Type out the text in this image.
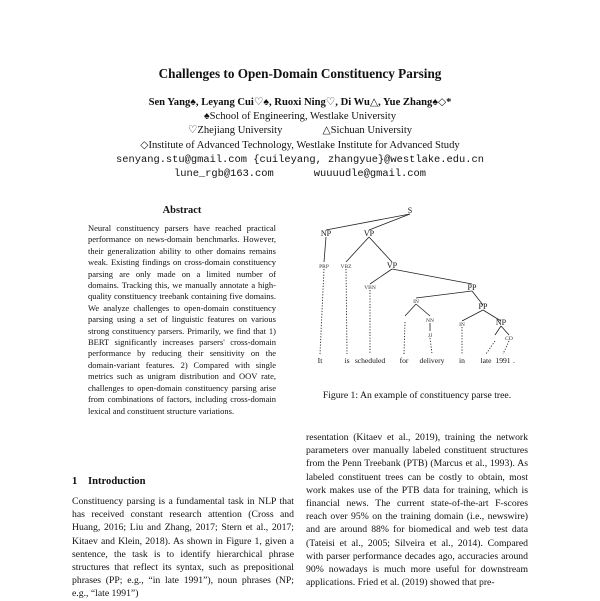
Challenges to Open-Domain Constituency Parsing
Sen Yang♠, Leyang Cui♡♠, Ruoxi Ning♡, Di Wu△, Yue Zhang♠◇*
♠School of Engineering, Westlake University
♡Zhejiang University	△Sichuan University
◇Institute of Advanced Technology, Westlake Institute for Advanced Study
senyang.stu@gmail.com {cuileyang, zhangyue}@westlake.edu.cn
lune_rgb@163.com	wuuuudle@gmail.com
Abstract

Neural constituency parsers have reached practical performance on news-domain benchmarks. However, their generalization ability to other domains remains weak. Existing findings on cross-domain constituency parsing are only made on a limited number of domains. Tracking this, we manually annotate a high-quality constituency treebank containing five domains. We analyze challenges to open-domain constituency parsing using a set of linguistic features on various strong constituency parsers. Primarily, we find that 1) BERT significantly increases parsers' cross-domain performance by reducing their sensitivity on the domain-variant features. 2) Compared with single metrics such as unigram distribution and OOV rate, challenges to open-domain constituency parsing arise from combinations of factors, including cross-domain lexical and constituent structure variations.

1 Introduction

Constituency parsing is a fundamental task in NLP that has received constant research attention (Cross and Huang, 2016; Liu and Zhang, 2017; Stern et al., 2017; Kitaev and Klein, 2018). As shown in Figure 1, given a sentence, the task is to identify hierarchical phrase structures that reflect its syntax, such as prepositional phrases (PP; e.g., “in late 1991”), noun phrases (NP; e.g., “late 1991”)

S
NP	VP
PRP VBZ	VP
VBN	PP
IN	PP
NN
IN	NP
JJ	CD
It	is scheduled for delivery in late 1991 .
Figure 1: An example of constituency parse tree.

resentation (Kitaev et al., 2019), training the network parameters over manually labeled constituent structures from the Penn Treebank (PTB) (Marcus et al., 1993). As labeled constituent trees can be costly to obtain, most work makes use of the PTB data for training, which is financial news. The current state-of-the-art F-scores reach over 95% on the training domain (i.e., newswire) and are around 88% for biomedical and web test data (Tateisi et al., 2005; Silveira et al., 2014). Compared with parser performance decades ago, accuracies around 90% nowadays is much more useful for downstream applications. Fried et al. (2019) showed that pre-
